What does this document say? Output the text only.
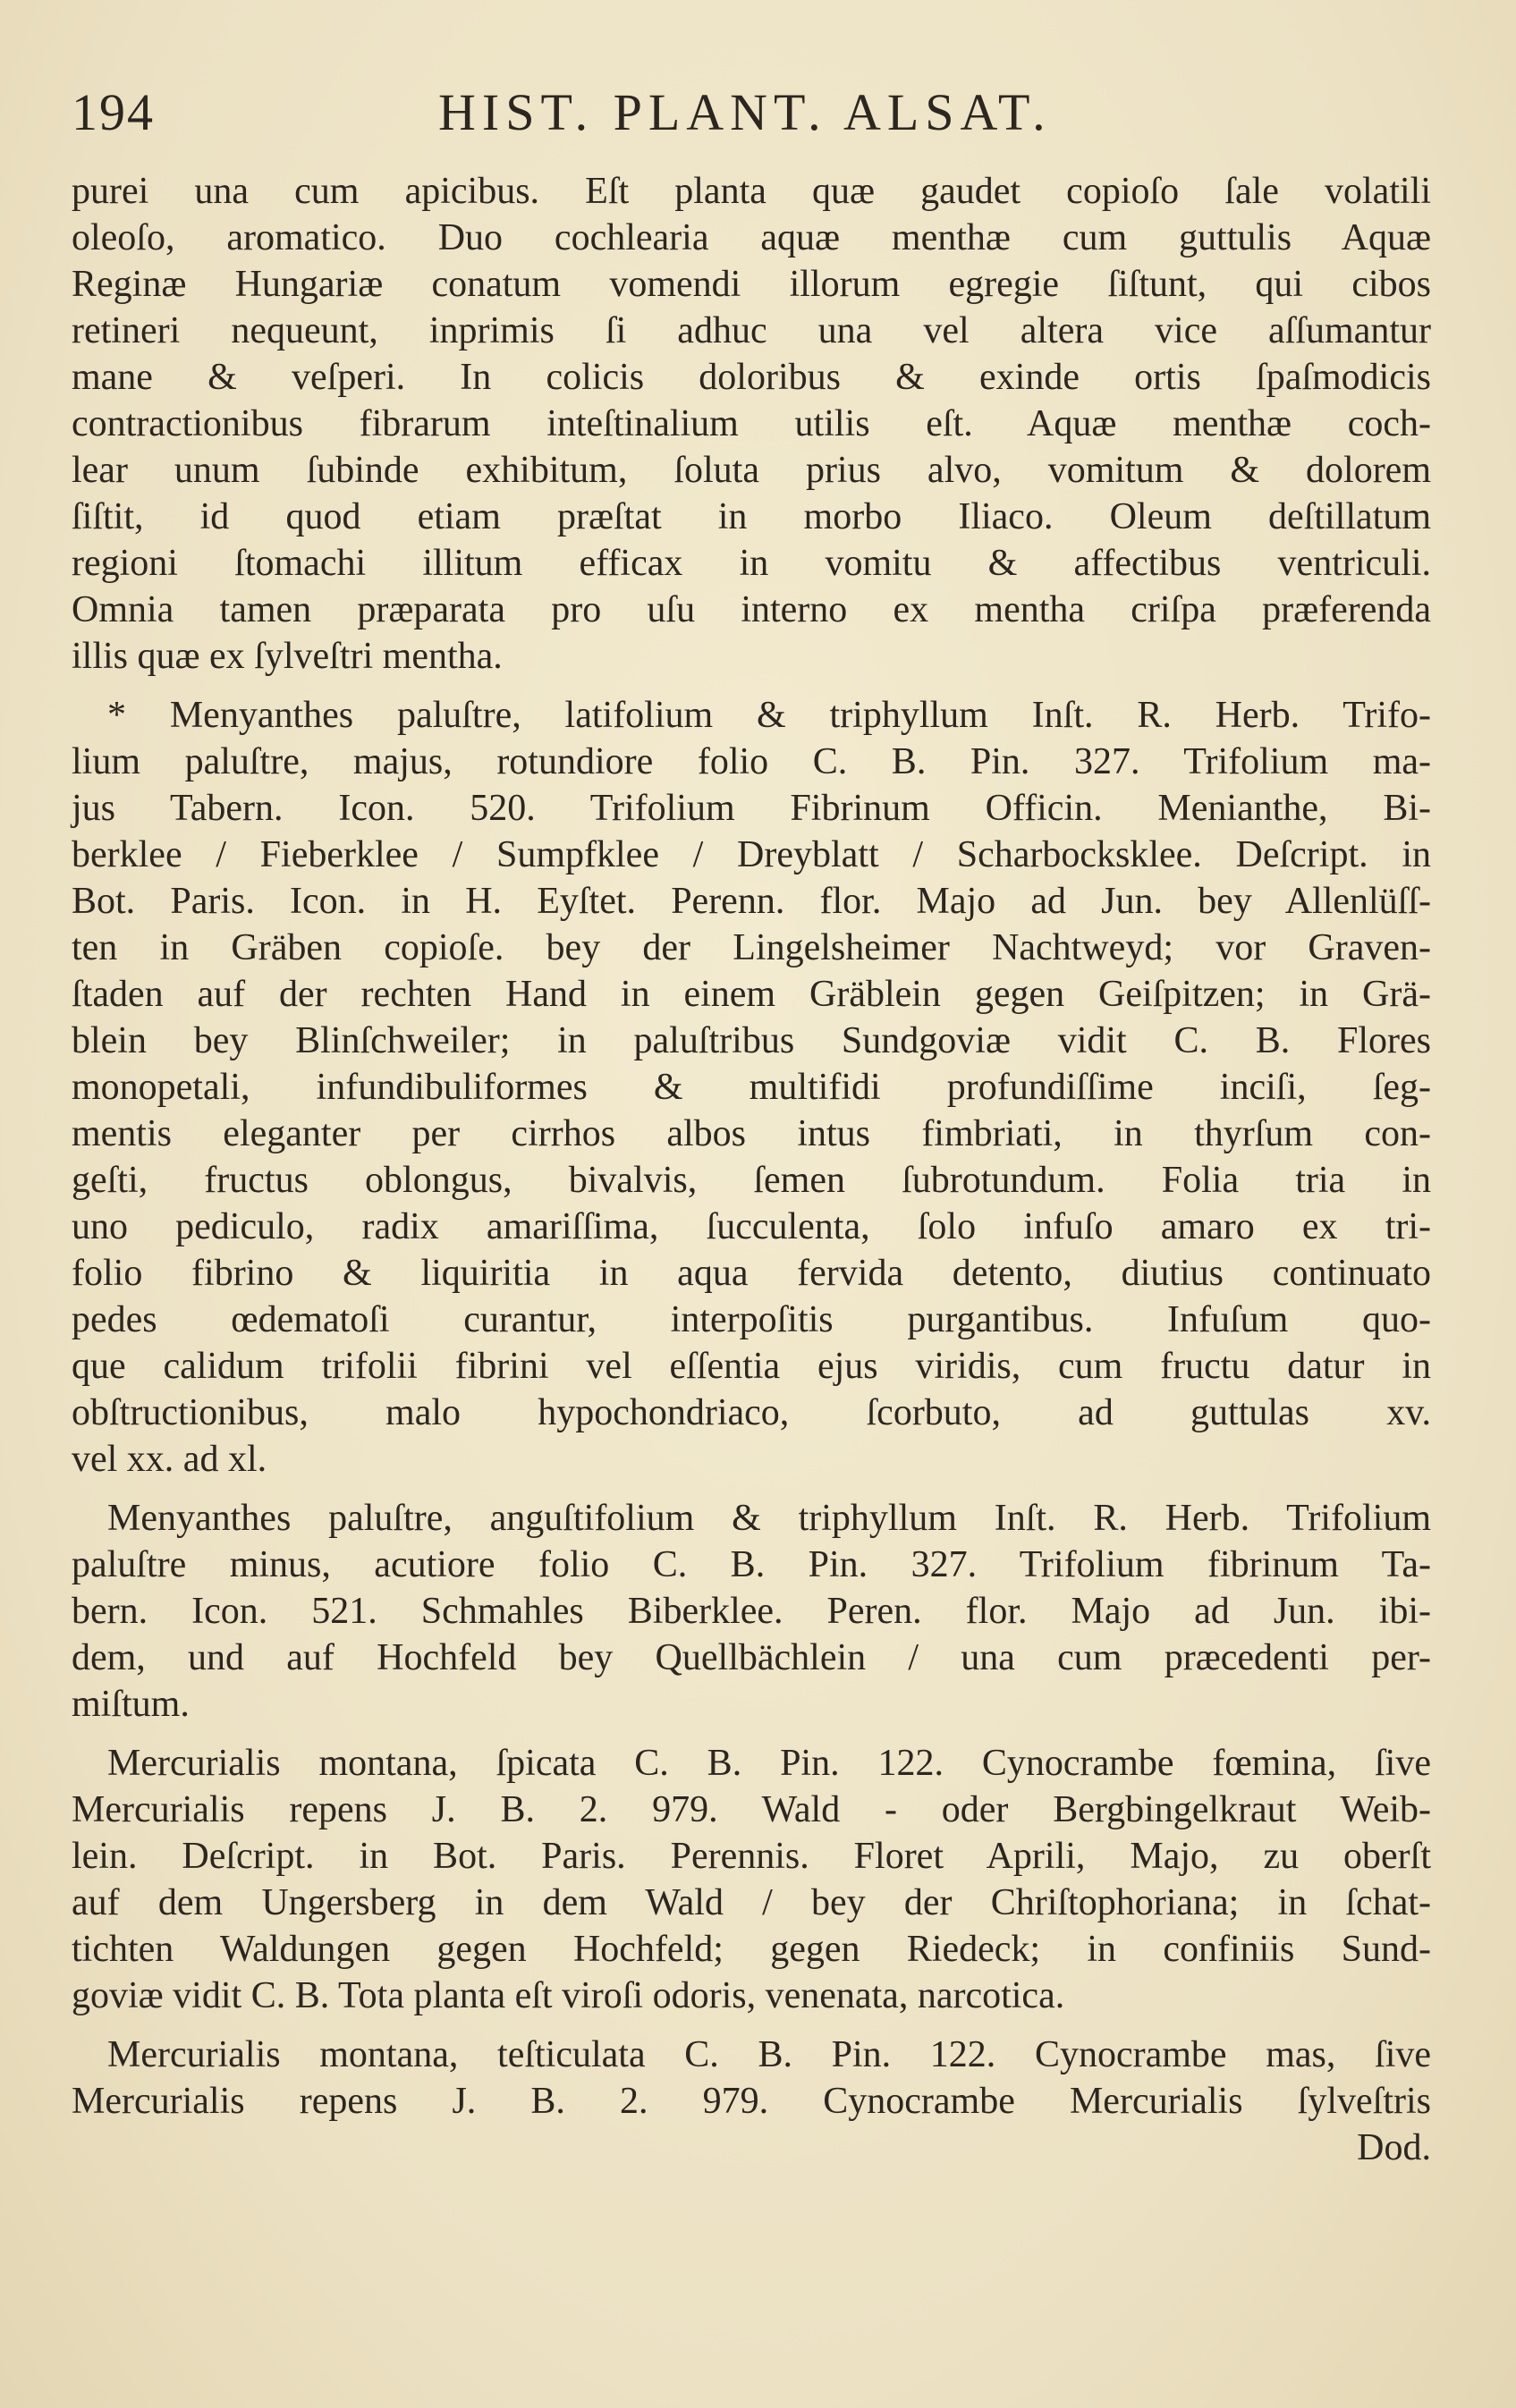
194	HIST. PLANT. ALSAT.
purei una cum apicibus. Eſt planta quæ gaudet copioſo ſale volatili
oleoſo, aromatico. Duo cochlearia aquæ menthæ cum guttulis Aquæ
Reginæ Hungariæ conatum vomendi illorum egregie ſiſtunt, qui cibos
retineri nequeunt, inprimis ſi adhuc una vel altera vice aſſumantur
mane & veſperi. In colicis doloribus & exinde ortis ſpaſmodicis
contractionibus fibrarum inteſtinalium utilis eſt. Aquæ menthæ coch-
lear unum ſubinde exhibitum, ſoluta prius alvo, vomitum & dolorem
ſiſtit, id quod etiam præſtat in morbo Iliaco. Oleum deſtillatum
regioni ſtomachi illitum efficax in vomitu & affectibus ventriculi.
Omnia tamen præparata pro uſu interno ex mentha criſpa præferenda
illis quæ ex ſylveſtri mentha.
* Menyanthes paluſtre, latifolium & triphyllum Inſt. R. Herb. Trifo-
lium paluſtre, majus, rotundiore folio C. B. Pin. 327. Trifolium ma-
jus Tabern. Icon. 520. Trifolium Fibrinum Officin. Menianthe, Bi-
berklee / Fieberklee / Sumpfklee / Dreyblatt / Scharbocksklee. Deſcript. in
Bot. Paris. Icon. in H. Eyſtet. Perenn. flor. Majo ad Jun. bey Allenlüſſ-
ten in Gräben copioſe. bey der Lingelsheimer Nachtweyd; vor Graven-
ſtaden auf der rechten Hand in einem Gräblein gegen Geiſpitzen; in Grä-
blein bey Blinſchweiler; in paluſtribus Sundgoviæ vidit C. B. Flores
monopetali, infundibuliformes & multifidi profundiſſime inciſi, ſeg-
mentis eleganter per cirrhos albos intus fimbriati, in thyrſum con-
geſti, fructus oblongus, bivalvis, ſemen ſubrotundum. Folia tria in
uno pediculo, radix amariſſima, ſucculenta, ſolo infuſo amaro ex tri-
folio fibrino & liquiritia in aqua fervida detento, diutius continuato
pedes œdematoſi curantur, interpoſitis purgantibus. Infuſum quo-
que calidum trifolii fibrini vel eſſentia ejus viridis, cum fructu datur in
obſtructionibus, malo hypochondriaco, ſcorbuto, ad guttulas xv.
vel xx. ad xl.
Menyanthes paluſtre, anguſtifolium & triphyllum Inſt. R. Herb. Trifolium
paluſtre minus, acutiore folio C. B. Pin. 327. Trifolium fibrinum Ta-
bern. Icon. 521. Schmahles Biberklee. Peren. flor. Majo ad Jun. ibi-
dem, und auf Hochfeld bey Quellbächlein / una cum præcedenti per-
miſtum.
Mercurialis montana, ſpicata C. B. Pin. 122. Cynocrambe fœmina, ſive
Mercurialis repens J. B. 2. 979. Wald - oder Bergbingelkraut Weib-
lein. Deſcript. in Bot. Paris. Perennis. Floret Aprili, Majo, zu oberſt
auf dem Ungersberg in dem Wald / bey der Chriſtophoriana; in ſchat-
tichten Waldungen gegen Hochfeld; gegen Riedeck; in confiniis Sund-
goviæ vidit C. B. Tota planta eſt viroſi odoris, venenata, narcotica.
Mercurialis montana, teſticulata C. B. Pin. 122. Cynocrambe mas, ſive
Mercurialis repens J. B. 2. 979. Cynocrambe Mercurialis ſylveſtris
Dod.
